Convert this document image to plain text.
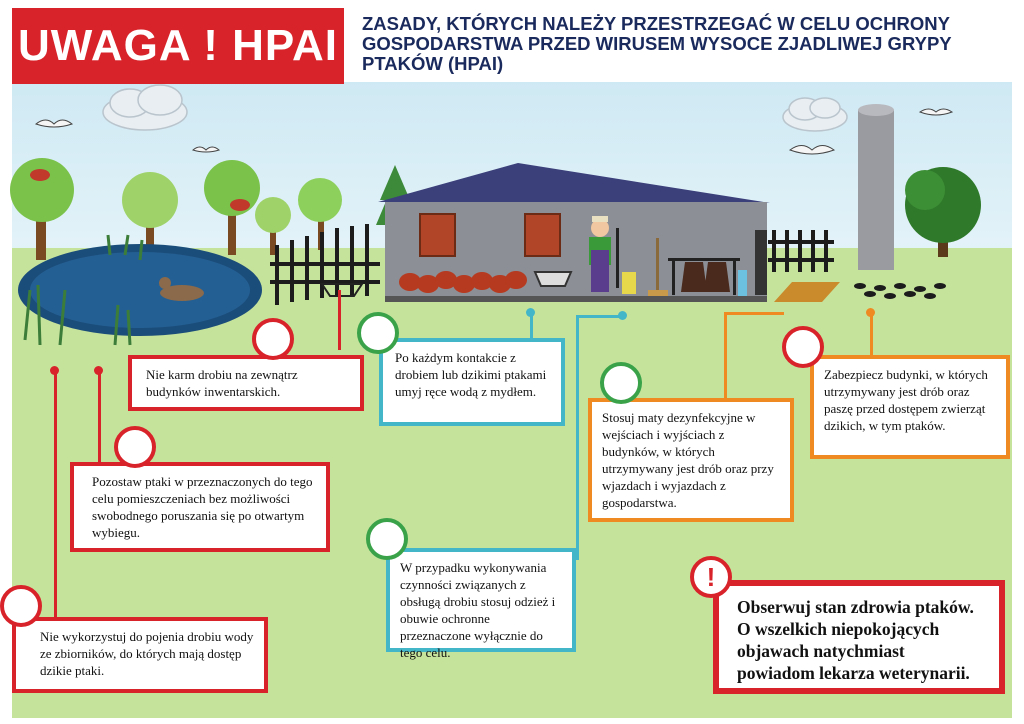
UWAGA ! HPAI	ZASADY, KTÓRYCH NALEŻY PRZESTRZEGAĆ W CELU OCHRONY GOSPODARSTWA PRZED WIRUSEM WYSOCE ZJADLIWEJ GRYPY PTAKÓW (HPAI)
Nie karm drobiu na zewnątrz budynków inwentarskich.
Po każdym kontakcie z drobiem lub dzikimi ptakami umyj ręce wodą z mydłem.
Stosuj maty dezynfekcyjne w wejściach i wyjściach z budynków, w których utrzymywany jest drób oraz przy wjazdach i wyjazdach z gospodarstwa.
Zabezpiecz budynki, w których utrzymywany jest drób oraz paszę przed dostępem zwierząt dzikich, w tym ptaków.
Pozostaw ptaki w przeznaczonych do tego celu pomieszczeniach bez możliwości swobodnego poruszania się po otwartym wybiegu.
W przypadku wykonywania czynności związanych z obsługą drobiu stosuj odzież i obuwie ochronne przeznaczone wyłącznie do tego celu.
Nie wykorzystuj do pojenia drobiu wody ze zbiorników, do których mają dostęp dzikie ptaki.
Obserwuj stan zdrowia ptaków. O wszelkich niepokojących objawach natychmiast powiadom lekarza weterynarii.
!
